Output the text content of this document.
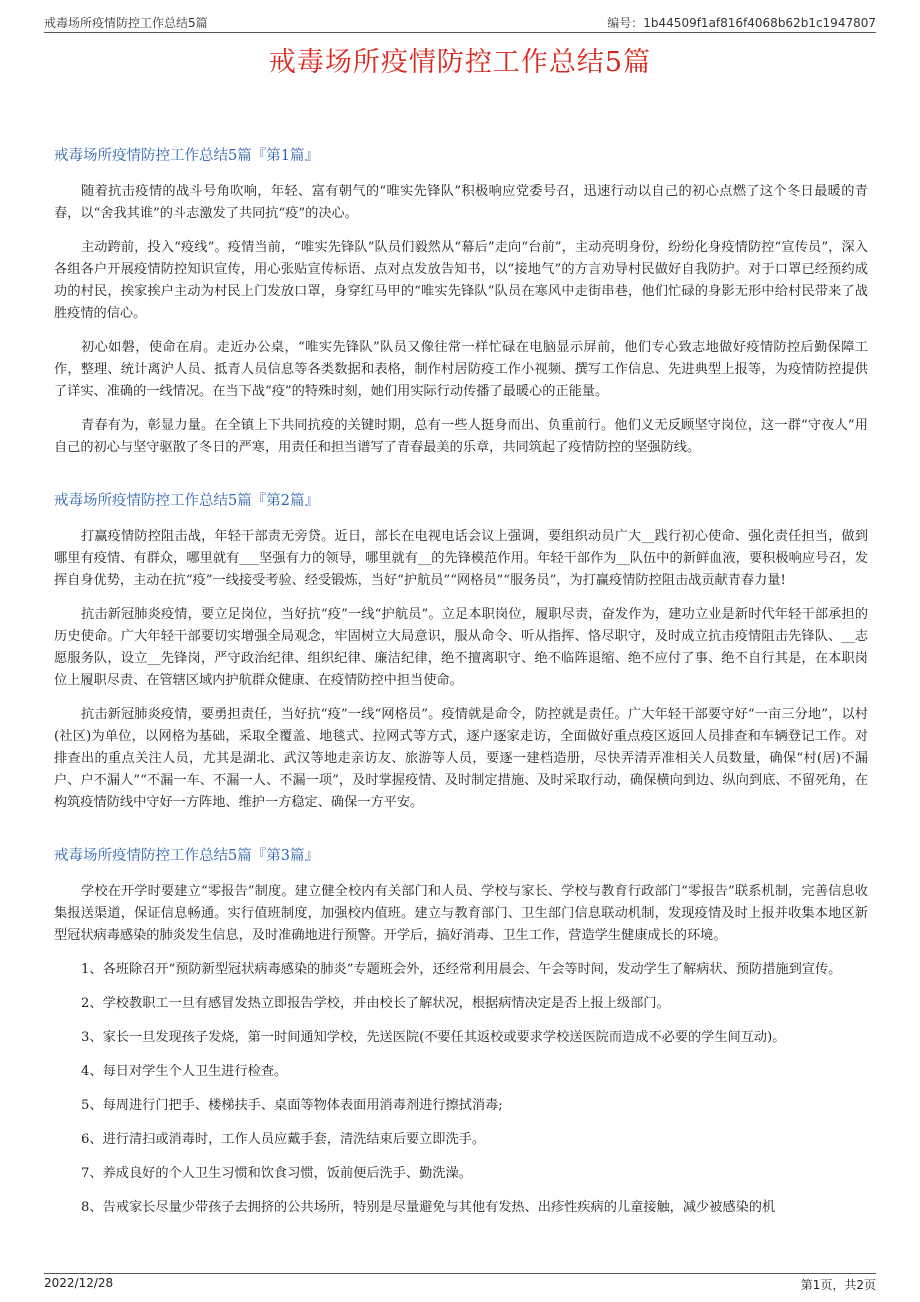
戒毒场所疫情防控工作总结5篇	编号：1b44509f1af816f4068b62b1c1947807
戒毒场所疫情防控工作总结5篇
戒毒场所疫情防控工作总结5篇『第1篇』

随着抗击疫情的战斗号角吹响，年轻、富有朝气的“唯实先锋队”积极响应党委号召，迅速行动以自己的初心点燃了这个冬日最暖的青春，以“舍我其谁”的斗志激发了共同抗“疫”的决心。

主动跨前，投入“疫线”。疫情当前，“唯实先锋队”队员们毅然从“幕后”走向“台前”，主动亮明身份，纷纷化身疫情防控“宣传员”，深入各组各户开展疫情防控知识宣传，用心张贴宣传标语、点对点发放告知书，以“接地气”的方言劝导村民做好自我防护。对于口罩已经预约成功的村民，挨家挨户主动为村民上门发放口罩，身穿红马甲的“唯实先锋队”队员在寒风中走街串巷，他们忙碌的身影无形中给村民带来了战胜疫情的信心。

初心如磐，使命在肩。走近办公桌，“唯实先锋队”队员又像往常一样忙碌在电脑显示屏前，他们专心致志地做好疫情防控后勤保障工作，整理、统计离沪人员、抵青人员信息等各类数据和表格，制作村居防疫工作小视频、撰写工作信息、先进典型上报等，为疫情防控提供了详实、准确的一线情况。在当下战“疫”的特殊时刻，她们用实际行动传播了最暖心的正能量。

青春有为，彰显力量。在全镇上下共同抗疫的关键时期，总有一些人挺身而出、负重前行。他们义无反顾坚守岗位，这一群“守夜人”用自己的初心与坚守驱散了冬日的严寒，用责任和担当谱写了青春最美的乐章，共同筑起了疫情防控的坚强防线。

戒毒场所疫情防控工作总结5篇『第2篇』

打赢疫情防控阻击战，年轻干部责无旁贷。近日，部长在电视电话会议上强调，要组织动员广大__践行初心使命、强化责任担当，做到哪里有疫情、有群众，哪里就有___坚强有力的领导，哪里就有__的先锋模范作用。年轻干部作为__队伍中的新鲜血液，要积极响应号召，发挥自身优势，主动在抗“疫”一线接受考验、经受锻炼，当好“护航员”“网格员”“服务员”，为打赢疫情防控阻击战贡献青春力量!

抗击新冠肺炎疫情，要立足岗位，当好抗“疫”一线“护航员”。立足本职岗位，履职尽责，奋发作为，建功立业是新时代年轻干部承担的历史使命。广大年轻干部要切实增强全局观念，牢固树立大局意识，服从命令、听从指挥、恪尽职守，及时成立抗击疫情阻击先锋队、__志愿服务队，设立__先锋岗，严守政治纪律、组织纪律、廉洁纪律，绝不擅离职守、绝不临阵退缩、绝不应付了事、绝不自行其是，在本职岗位上履职尽责、在管辖区域内护航群众健康、在疫情防控中担当使命。

抗击新冠肺炎疫情，要勇担责任，当好抗“疫”一线“网格员”。疫情就是命令，防控就是责任。广大年轻干部要守好“一亩三分地”，以村(社区)为单位，以网格为基础，采取全覆盖、地毯式、拉网式等方式，逐户逐家走访，全面做好重点疫区返回人员排查和车辆登记工作。对排查出的重点关注人员，尤其是湖北、武汉等地走亲访友、旅游等人员，要逐一建档造册，尽快弄清弄准相关人员数量，确保“村(居)不漏户、户不漏人”“不漏一车、不漏一人、不漏一项”，及时掌握疫情、及时制定措施、及时采取行动，确保横向到边、纵向到底、不留死角，在构筑疫情防线中守好一方阵地、维护一方稳定、确保一方平安。

戒毒场所疫情防控工作总结5篇『第3篇』

学校在开学时要建立“零报告”制度。建立健全校内有关部门和人员、学校与家长、学校与教育行政部门“零报告”联系机制，完善信息收集报送渠道，保证信息畅通。实行值班制度，加强校内值班。建立与教育部门、卫生部门信息联动机制，发现疫情及时上报并收集本地区新型冠状病毒感染的肺炎发生信息，及时准确地进行预警。开学后，搞好消毒、卫生工作，营造学生健康成长的环境。

1、各班除召开“预防新型冠状病毒感染的肺炎”专题班会外，还经常利用晨会、午会等时间，发动学生了解病状、预防措施到宣传。

2、学校教职工一旦有感冒发热立即报告学校，并由校长了解状况，根据病情决定是否上报上级部门。

3、家长一旦发现孩子发烧，第一时间通知学校，先送医院(不要任其返校或要求学校送医院而造成不必要的学生间互动)。

4、每日对学生个人卫生进行检查。

5、每周进行门把手、楼梯扶手、桌面等物体表面用消毒剂进行擦拭消毒;

6、进行清扫或消毒时，工作人员应戴手套，清洗结束后要立即洗手。

7、养成良好的个人卫生习惯和饮食习惯，饭前便后洗手、勤洗澡。

8、告戒家长尽量少带孩子去拥挤的公共场所，特别是尽量避免与其他有发热、出疹性疾病的儿童接触，减少被感染的机

2022/12/28	第1页，共2页
